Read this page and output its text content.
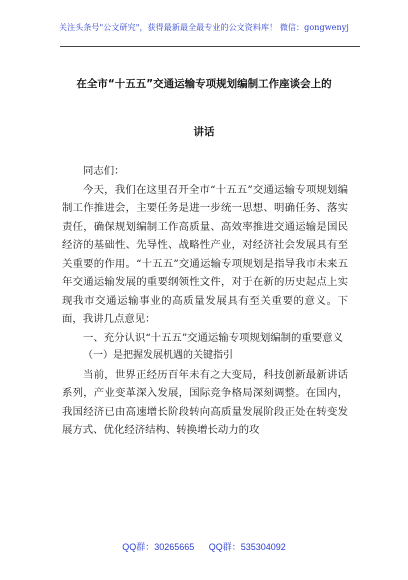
关注头条号"公文研究"，获得最新最全最专业的公文资料库！ 微信：gongwenyj
在全市“十五五”交通运输专项规划编制工作座谈会上的
讲话

同志们：

今天，我们在这里召开全市“十五五”交通运输专项规划编制工作推进会，主要任务是进一步统一思想、明确任务、落实责任，确保规划编制工作高质量、高效率推进交通运输是国民经济的基础性、先导性、战略性产业，对经济社会发展具有至关重要的作用。“十五五”交通运输专项规划是指导我市未来五年交通运输发展的重要纲领性文件，对于在新的历史起点上实现我市交通运输事业的高质量发展具有至关重要的意义。下面，我讲几点意见：

一、充分认识“十五五”交通运输专项规划编制的重要意义

（一）是把握发展机遇的关键指引

当前，世界正经历百年未有之大变局，科技创新最新讲话系列，产业变革深入发展，国际竞争格局深刻调整。在国内，我国经济已由高速增长阶段转向高质量发展阶段正处在转变发展方式、优化经济结构、转换增长动力的攻

QQ群：30265665 QQ群：535304092
